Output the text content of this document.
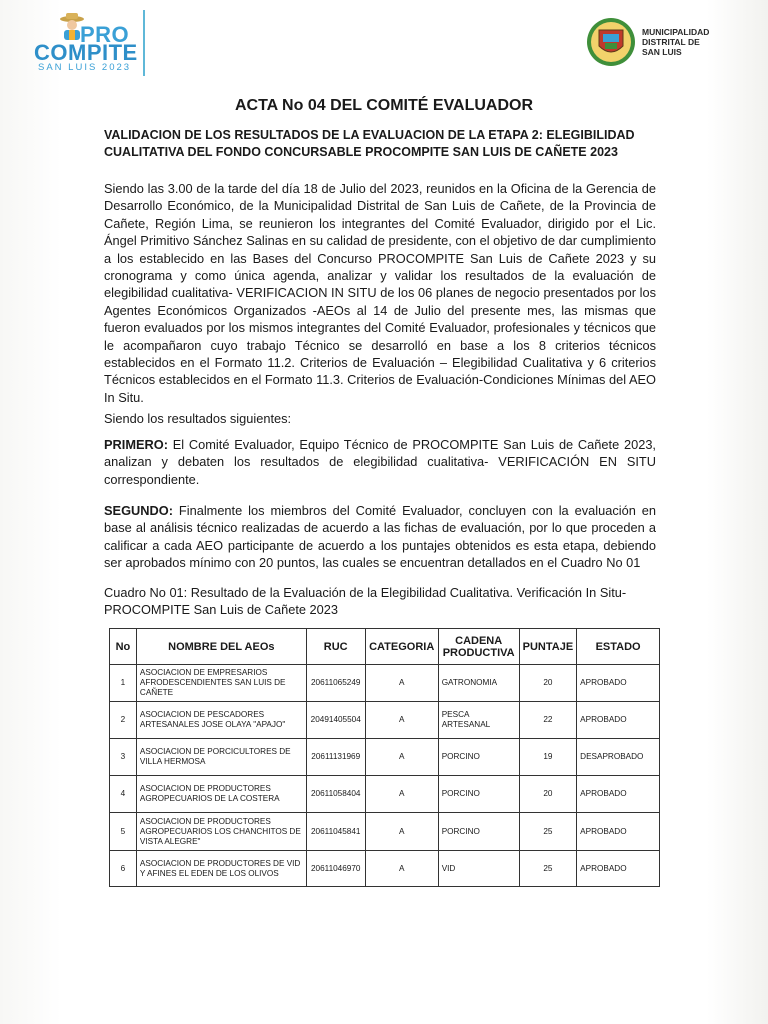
PRO
COMPITE
SAN LUIS 2023
MUNICIPALIDAD
DISTRITAL DE
SAN LUIS
ACTA No 04 DEL COMITÉ EVALUADOR
VALIDACION DE LOS RESULTADOS DE LA EVALUACION DE LA ETAPA 2: ELEGIBILIDAD CUALITATIVA DEL FONDO CONCURSABLE PROCOMPITE SAN LUIS DE CAÑETE 2023
Siendo las 3.00 de la tarde del día 18 de Julio del 2023, reunidos en la Oficina de la Gerencia de Desarrollo Económico, de la Municipalidad Distrital de San Luis de Cañete, de la Provincia de Cañete, Región Lima, se reunieron los integrantes del Comité Evaluador, dirigido por el Lic. Ángel Primitivo Sánchez Salinas en su calidad de presidente, con el objetivo de dar cumplimiento a los establecido en las Bases del Concurso PROCOMPITE San Luis de Cañete 2023 y su cronograma y como única agenda, analizar y validar los resultados de la evaluación de elegibilidad cualitativa- VERIFICACION IN SITU de los 06 planes de negocio presentados por los Agentes Económicos Organizados -AEOs al 14 de Julio del presente mes, las mismas que fueron evaluados por los mismos integrantes del Comité Evaluador, profesionales y técnicos que le acompañaron cuyo trabajo Técnico se desarrolló en base a los 8 criterios técnicos establecidos en el Formato 11.2. Criterios de Evaluación – Elegibilidad Cualitativa y 6 criterios Técnicos establecidos en el Formato 11.3. Criterios de Evaluación-Condiciones Mínimas del AEO In Situ.
Siendo los resultados siguientes:
PRIMERO: El Comité Evaluador, Equipo Técnico de PROCOMPITE San Luis de Cañete 2023, analizan y debaten los resultados de elegibilidad cualitativa- VERIFICACIÓN EN SITU correspondiente.
SEGUNDO: Finalmente los miembros del Comité Evaluador, concluyen con la evaluación en base al análisis técnico realizadas de acuerdo a las fichas de evaluación, por lo que proceden a calificar a cada AEO participante de acuerdo a los puntajes obtenidos es esta etapa, debiendo ser aprobados mínimo con 20 puntos, las cuales se encuentran detallados en el Cuadro No 01
Cuadro No 01: Resultado de la Evaluación de la Elegibilidad Cualitativa. Verificación In Situ- PROCOMPITE San Luis de Cañete 2023
No	NOMBRE DEL AEOs	RUC	CATEGORIA	CADENA PRODUCTIVA	PUNTAJE	ESTADO
1	ASOCIACION DE EMPRESARIOS AFRODESCENDIENTES SAN LUIS DE CAÑETE	20611065249	A	GATRONOMIA	20	APROBADO
2	ASOCIACION DE PESCADORES ARTESANALES JOSE OLAYA "APAJO"	20491405504	A	PESCA ARTESANAL	22	APROBADO
3	ASOCIACION DE PORCICULTORES DE VILLA HERMOSA	20611131969	A	PORCINO	19	DESAPROBADO
4	ASOCIACION DE PRODUCTORES AGROPECUARIOS DE LA COSTERA	20611058404	A	PORCINO	20	APROBADO
5	ASOCIACION DE PRODUCTORES AGROPECUARIOS LOS CHANCHITOS DE VISTA ALEGRE"	20611045841	A	PORCINO	25	APROBADO
6	ASOCIACION DE PRODUCTORES DE VID Y AFINES EL EDEN DE LOS OLIVOS	20611046970	A	VID	25	APROBADO
